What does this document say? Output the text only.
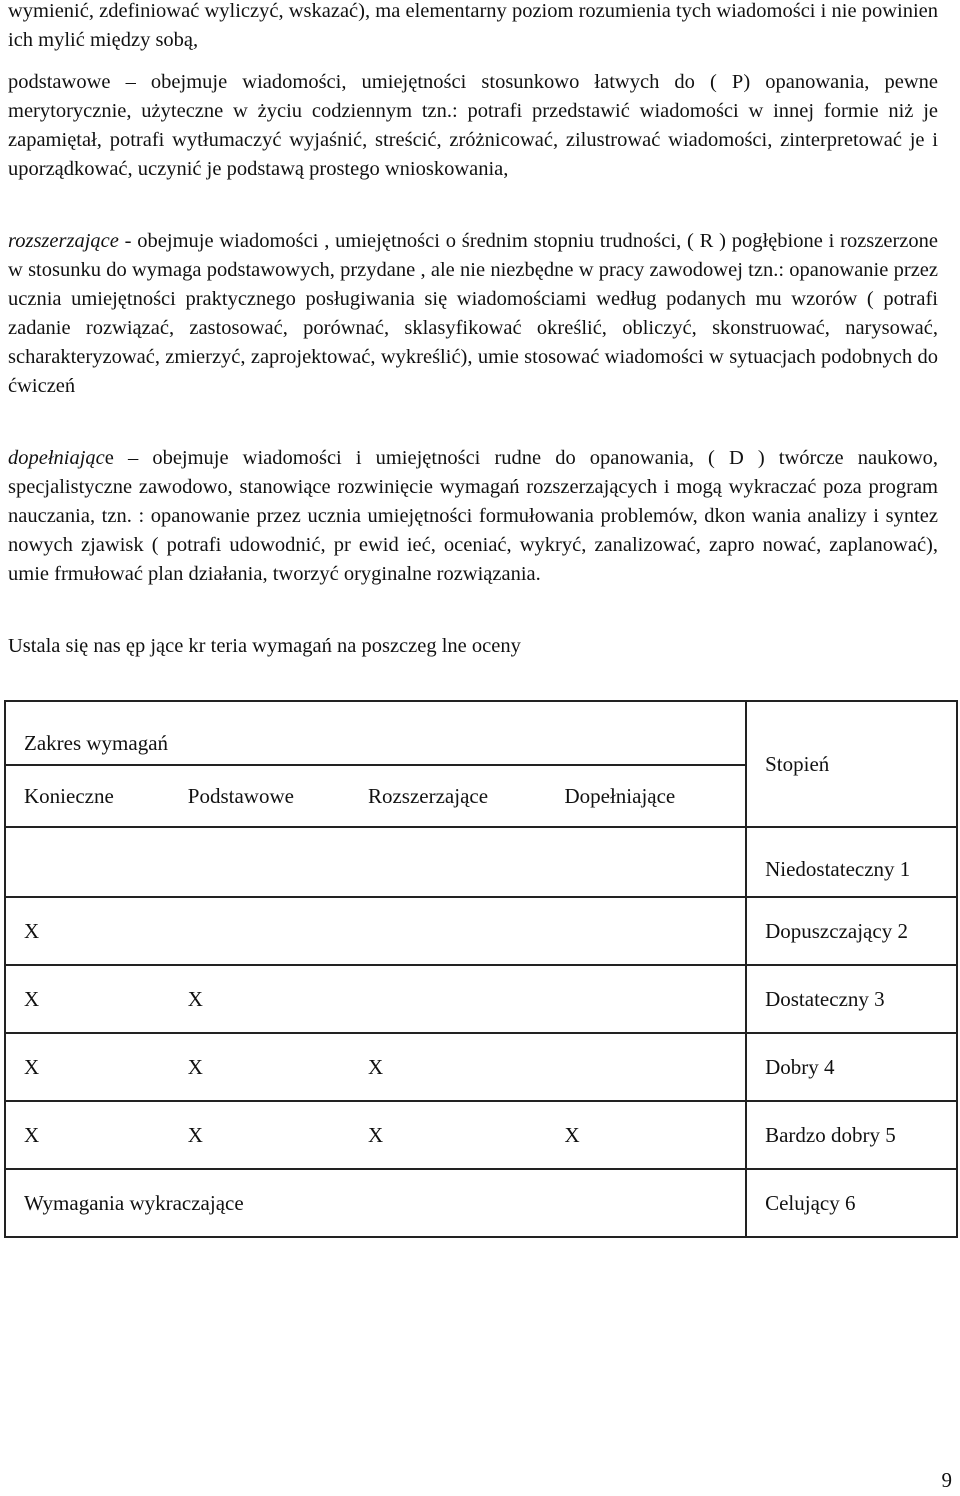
wymienić, zdefiniować wyliczyć, wskazać), ma elementarny poziom rozumienia tych wiadomości i nie powinien ich mylić między sobą,

podstawowe – obejmuje wiadomości, umiejętności stosunkowo łatwych do ( P) opanowania, pewne merytorycznie, użyteczne w życiu codziennym tzn.: potrafi przedstawić wiadomości w innej formie niż je zapamiętał, potrafi wytłumaczyć wyjaśnić, streścić, zróżnicować, zilustrować wiadomości, zinterpretować je i uporządkować, uczynić je podstawą prostego wnioskowania,

rozszerzające - obejmuje wiadomości , umiejętności o średnim stopniu trudności, ( R ) pogłębione i rozszerzone w stosunku do wymaga podstawowych, przydane , ale nie niezbędne w pracy zawodowej tzn.: opanowanie przez ucznia umiejętności praktycznego posługiwania się wiadomościami według podanych mu wzorów ( potrafi zadanie rozwiązać, zastosować, porównać, sklasyfikować określić, obliczyć, skonstruować, narysować, scharakteryzować, zmierzyć, zaprojektować, wykreślić), umie stosować wiadomości w sytuacjach podobnych do ćwiczeń

dopełniające – obejmuje wiadomości i umiejętności rudne do opanowania, ( D ) twórcze naukowo, specjalistyczne zawodowo, stanowiące rozwinięcie wymagań rozszerzających i mogą wykraczać poza program nauczania, tzn. : opanowanie przez ucznia umiejętności formułowania problemów, dkon wania analizy i syntez nowych zjawisk ( potrafi udowodnić, pr ewid ieć, oceniać, wykryć, zanalizować, zapro nować, zaplanować), umie frmułować plan działania, tworzyć oryginalne rozwiązania.

Ustala się nas ęp jące kr teria wymagań na poszczeg lne oceny

Zakres wymagań				Stopień
Konieczne	Podstawowe	Rozszerzające	Dopełniające	
				Niedostateczny 1
X				Dopuszczający 2
X	X			Dostateczny 3
X	X	X		Dobry 4
X	X	X	X	Bardzo dobry 5
Wymagania wykraczające				Celujący 6
9
